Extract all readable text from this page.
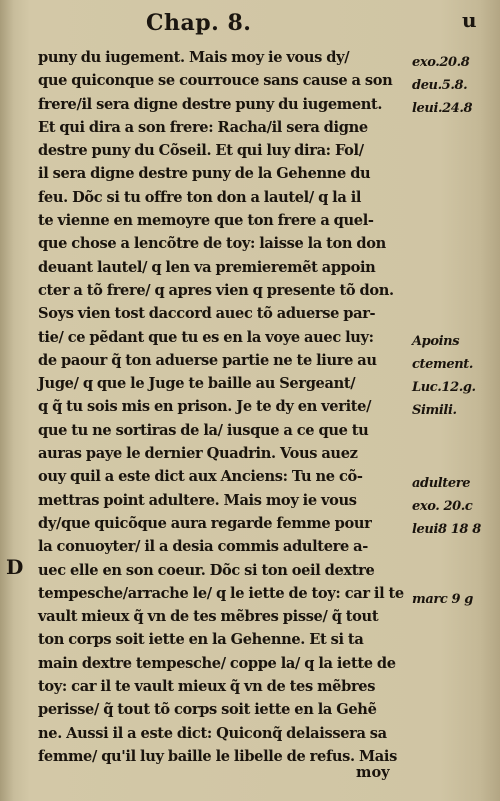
Chap. 8.	u
puny du iugement. Mais moy ie vous dy/
que quiconque se courrouce sans cause a son
frere/il sera digne destre puny du iugement.
Et qui dira a son frere: Racha/il sera digne
destre puny du Cõseil. Et qui luy dira: Fol/
il sera digne destre puny de la Gehenne du
feu. Dõc si tu offre ton don a lautel/ q la il
te vienne en memoyre que ton frere a quel-
que chose a lencõtre de toy: laisse la ton don
deuant lautel/ q len va premieremẽt appoin
cter a tõ frere/ q apres vien q presente tõ don.
Soys vien tost daccord auec tõ aduerse par-
tie/ ce pẽdant que tu es en la voye auec luy:
de paour q̃ ton aduerse partie ne te liure au
Juge/ q que le Juge te baille au Sergeant/
q q̃ tu sois mis en prison. Je te dy en verite/
que tu ne sortiras de la/ iusque a ce que tu
auras paye le dernier Quadrin. Vous auez
ouy quil a este dict aux Anciens: Tu ne cõ-
mettras point adultere. Mais moy ie vous
dy/que quicõque aura regarde femme pour
la conuoyter/ il a desia commis adultere a-
uec elle en son coeur. Dõc si ton oeil dextre
tempesche/arrache le/ q le iette de toy: car il te
vault mieux q̃ vn de tes mẽbres pisse/ q̃ tout
ton corps soit iette en la Gehenne. Et si ta
main dextre tempesche/ coppe la/ q la iette de
toy: car il te vault mieux q̃ vn de tes mẽbres
perisse/ q̃ tout tõ corps soit iette en la Gehẽ
ne. Aussi il a este dict: Quiconq̃ delaissera sa
femme/ qu'il luy baille le libelle de refus. Mais
exo.20.8
deu.5.8.
leui.24.8
Apoins
ctement.
Luc.12.g.
Simili.
adultere
exo. 20.c
leui8 18 8
marc 9 g
D
moy
